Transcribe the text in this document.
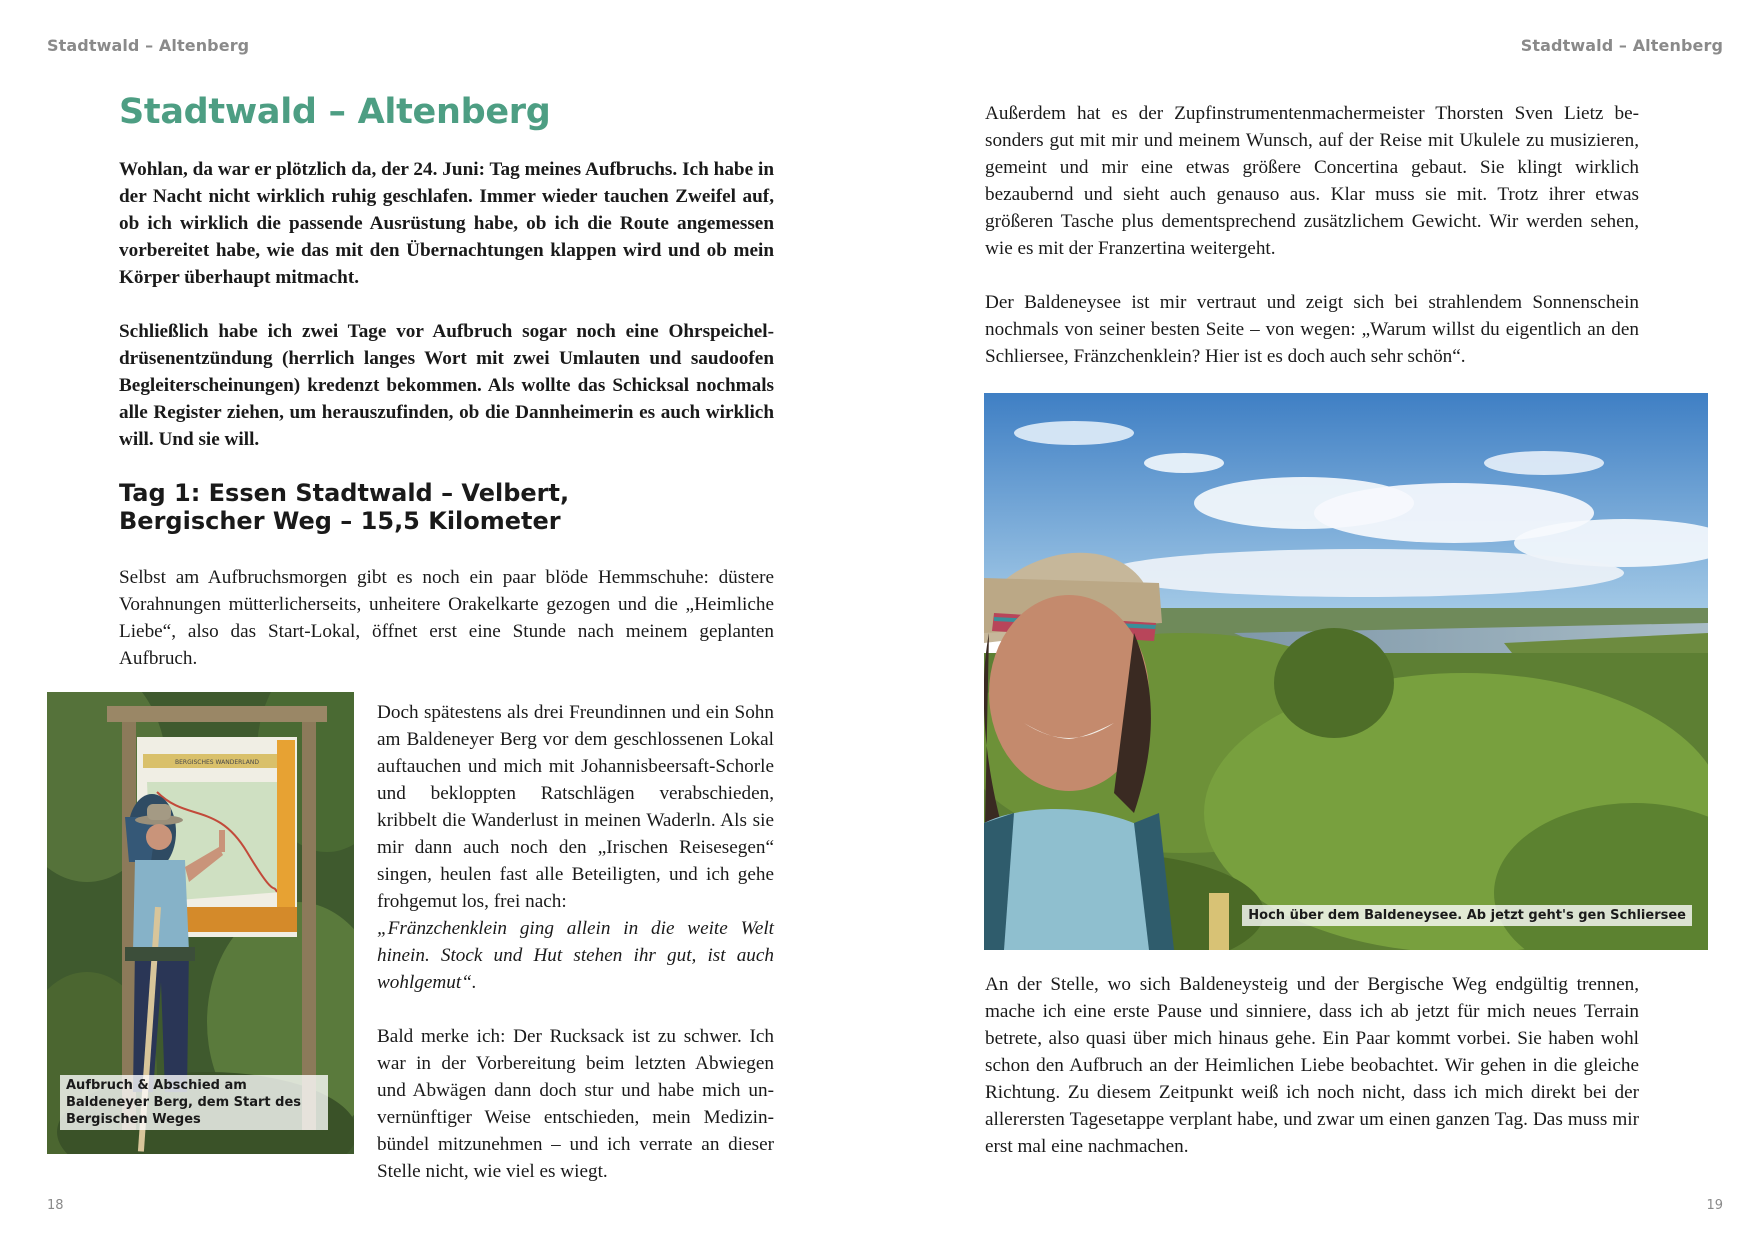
Stadtwald – Altenberg
Stadtwald – Altenberg

Wohlan, da war er plötzlich da, der 24. Juni: Tag meines Aufbruchs. Ich habe in der Nacht nicht wirklich ruhig geschlafen. Immer wieder tauchen Zweifel auf, ob ich wirklich die passende Ausrüstung habe, ob ich die Route angemessen vorbereitet habe, wie das mit den Übernachtungen klappen wird und ob mein Körper überhaupt mitmacht.

Schließlich habe ich zwei Tage vor Aufbruch sogar noch eine Ohrspeicheldrüsenentzündung (herrlich langes Wort mit zwei Umlauten und saudoofen Begleiterscheinungen) kredenzt bekommen. Als wollte das Schicksal nochmals alle Register ziehen, um herauszufinden, ob die Dannheimerin es auch wirklich will. Und sie will.

Tag 1: Essen Stadtwald – Velbert, Bergischer Weg – 15,5 Kilometer

Selbst am Aufbruchsmorgen gibt es noch ein paar blöde Hemmschuhe: düstere Vorahnungen mütterlicherseits, unheitere Orakelkarte gezogen und die „Heimliche Liebe“, also das Start-Lokal, öffnet erst eine Stunde nach meinem geplanten Aufbruch.

BERGISCHES WANDERLAND
Aufbruch & Abschied am Baldeneyer Berg, dem Start des Bergischen Weges

Doch spätestens als drei Freundinnen und ein Sohn am Baldeneyer Berg vor dem geschlossenen Lokal auftauchen und mich mit Johannisbeersaft-Schorle und bekloppten Ratschlägen verabschieden, kribbelt die Wanderlust in meinen Waderln. Als sie mir dann auch noch den „Irischen Reisesegen“ singen, heulen fast alle Beteiligten, und ich gehe frohgemut los, frei nach:

„Fränzchenklein ging allein in die weite Welt hinein. Stock und Hut stehen ihr gut, ist auch wohlgemut“.

Bald merke ich: Der Rucksack ist zu schwer. Ich war in der Vorbereitung beim letzten Abwiegen und Abwägen dann doch stur und habe mich unvernünftiger Weise entschieden, mein Medizinbündel mitzunehmen – und ich verrate an dieser Stelle nicht, wie viel es wiegt.

18
Stadtwald – Altenberg

Außerdem hat es der Zupfinstrumentenmachermeister Thorsten Sven Lietz besonders gut mit mir und meinem Wunsch, auf der Reise mit Ukulele zu musizieren, gemeint und mir eine etwas größere Concertina gebaut. Sie klingt wirklich bezaubernd und sieht auch genauso aus. Klar muss sie mit. Trotz ihrer etwas größeren Tasche plus dementsprechend zusätzlichem Gewicht. Wir werden sehen, wie es mit der Franzertina weitergeht.

Der Baldeneysee ist mir vertraut und zeigt sich bei strahlendem Sonnenschein nochmals von seiner besten Seite – von wegen: „Warum willst du eigentlich an den Schliersee, Fränzchenklein? Hier ist es doch auch sehr schön“.

Hoch über dem Baldeneysee. Ab jetzt geht's gen Schliersee

An der Stelle, wo sich Baldeneysteig und der Bergische Weg endgültig trennen, mache ich eine erste Pause und sinniere, dass ich ab jetzt für mich neues Terrain betrete, also quasi über mich hinaus gehe. Ein Paar kommt vorbei. Sie haben wohl schon den Aufbruch an der Heimlichen Liebe beobachtet. Wir gehen in die gleiche Richtung. Zu diesem Zeitpunkt weiß ich noch nicht, dass ich mich direkt bei der allerersten Tagesetappe verplant habe, und zwar um einen ganzen Tag. Das muss mir erst mal eine nachmachen.

19
